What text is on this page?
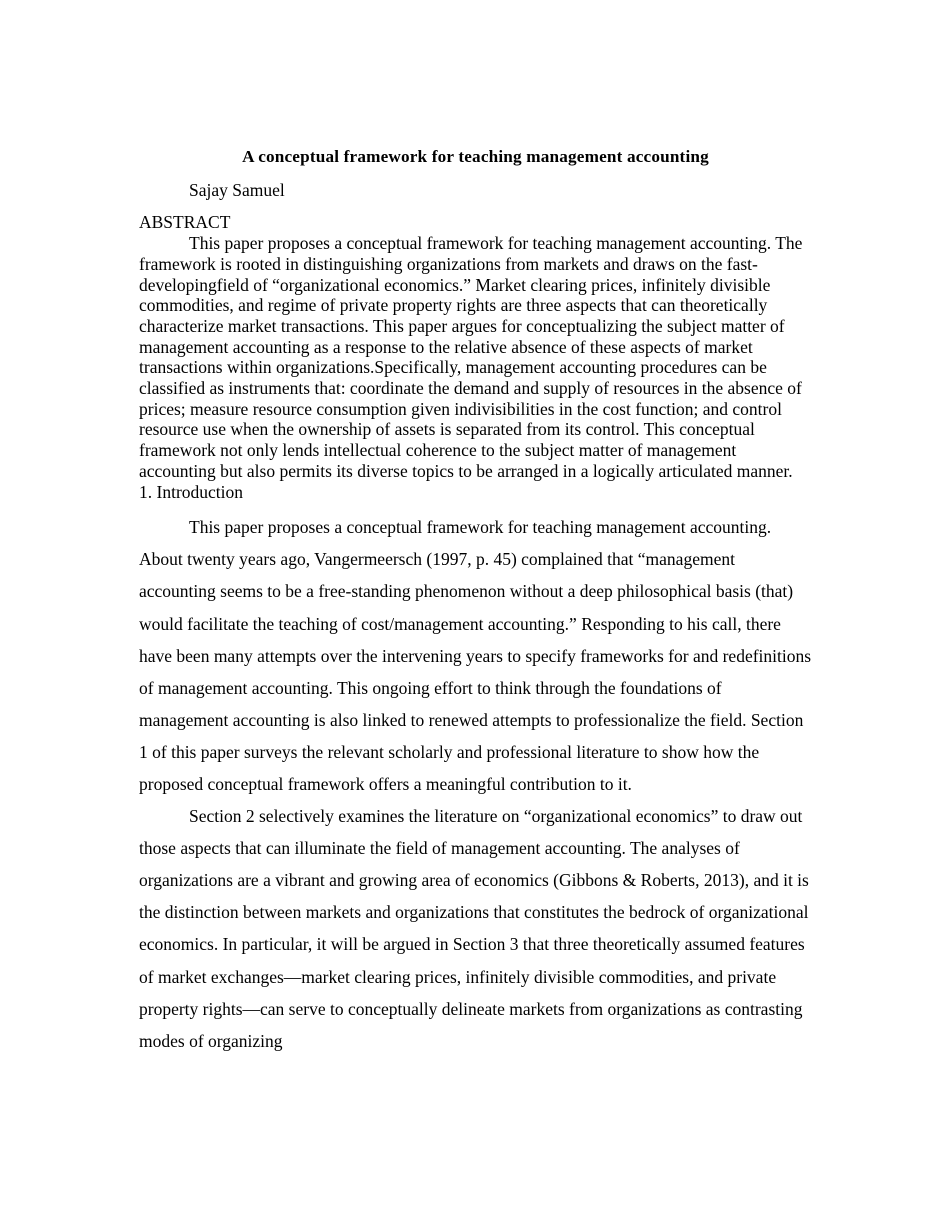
A conceptual framework for teaching management accounting

Sajay Samuel

ABSTRACT

This paper proposes a conceptual framework for teaching management accounting. The framework is rooted in distinguishing organizations from markets and draws on the fast-developingfield of “organizational economics.” Market clearing prices, infinitely divisible commodities, and regime of private property rights are three aspects that can theoretically characterize market transactions. This paper argues for conceptualizing the subject matter of management accounting as a response to the relative absence of these aspects of market transactions within organizations.Specifically, management accounting procedures can be classified as instruments that: coordinate the demand and supply of resources in the absence of prices; measure resource consumption given indivisibilities in the cost function; and control resource use when the ownership of assets is separated from its control. This conceptual framework not only lends intellectual coherence to the subject matter of management accounting but also permits its diverse topics to be arranged in a logically articulated manner.

1. Introduction

This paper proposes a conceptual framework for teaching management accounting. About twenty years ago, Vangermeersch (1997, p. 45) complained that “management accounting seems to be a free-standing phenomenon without a deep philosophical basis (that) would facilitate the teaching of cost/management accounting.” Responding to his call, there have been many attempts over the intervening years to specify frameworks for and redefinitions of management accounting. This ongoing effort to think through the foundations of management accounting is also linked to renewed attempts to professionalize the field. Section 1 of this paper surveys the relevant scholarly and professional literature to show how the proposed conceptual framework offers a meaningful contribution to it.

Section 2 selectively examines the literature on “organizational economics” to draw out those aspects that can illuminate the field of management accounting. The analyses of organizations are a vibrant and growing area of economics (Gibbons & Roberts, 2013), and it is the distinction between markets and organizations that constitutes the bedrock of organizational economics. In particular, it will be argued in Section 3 that three theoretically assumed features of market exchanges—market clearing prices, infinitely divisible commodities, and private property rights—can serve to conceptually delineate markets from organizations as contrasting modes of organizing
